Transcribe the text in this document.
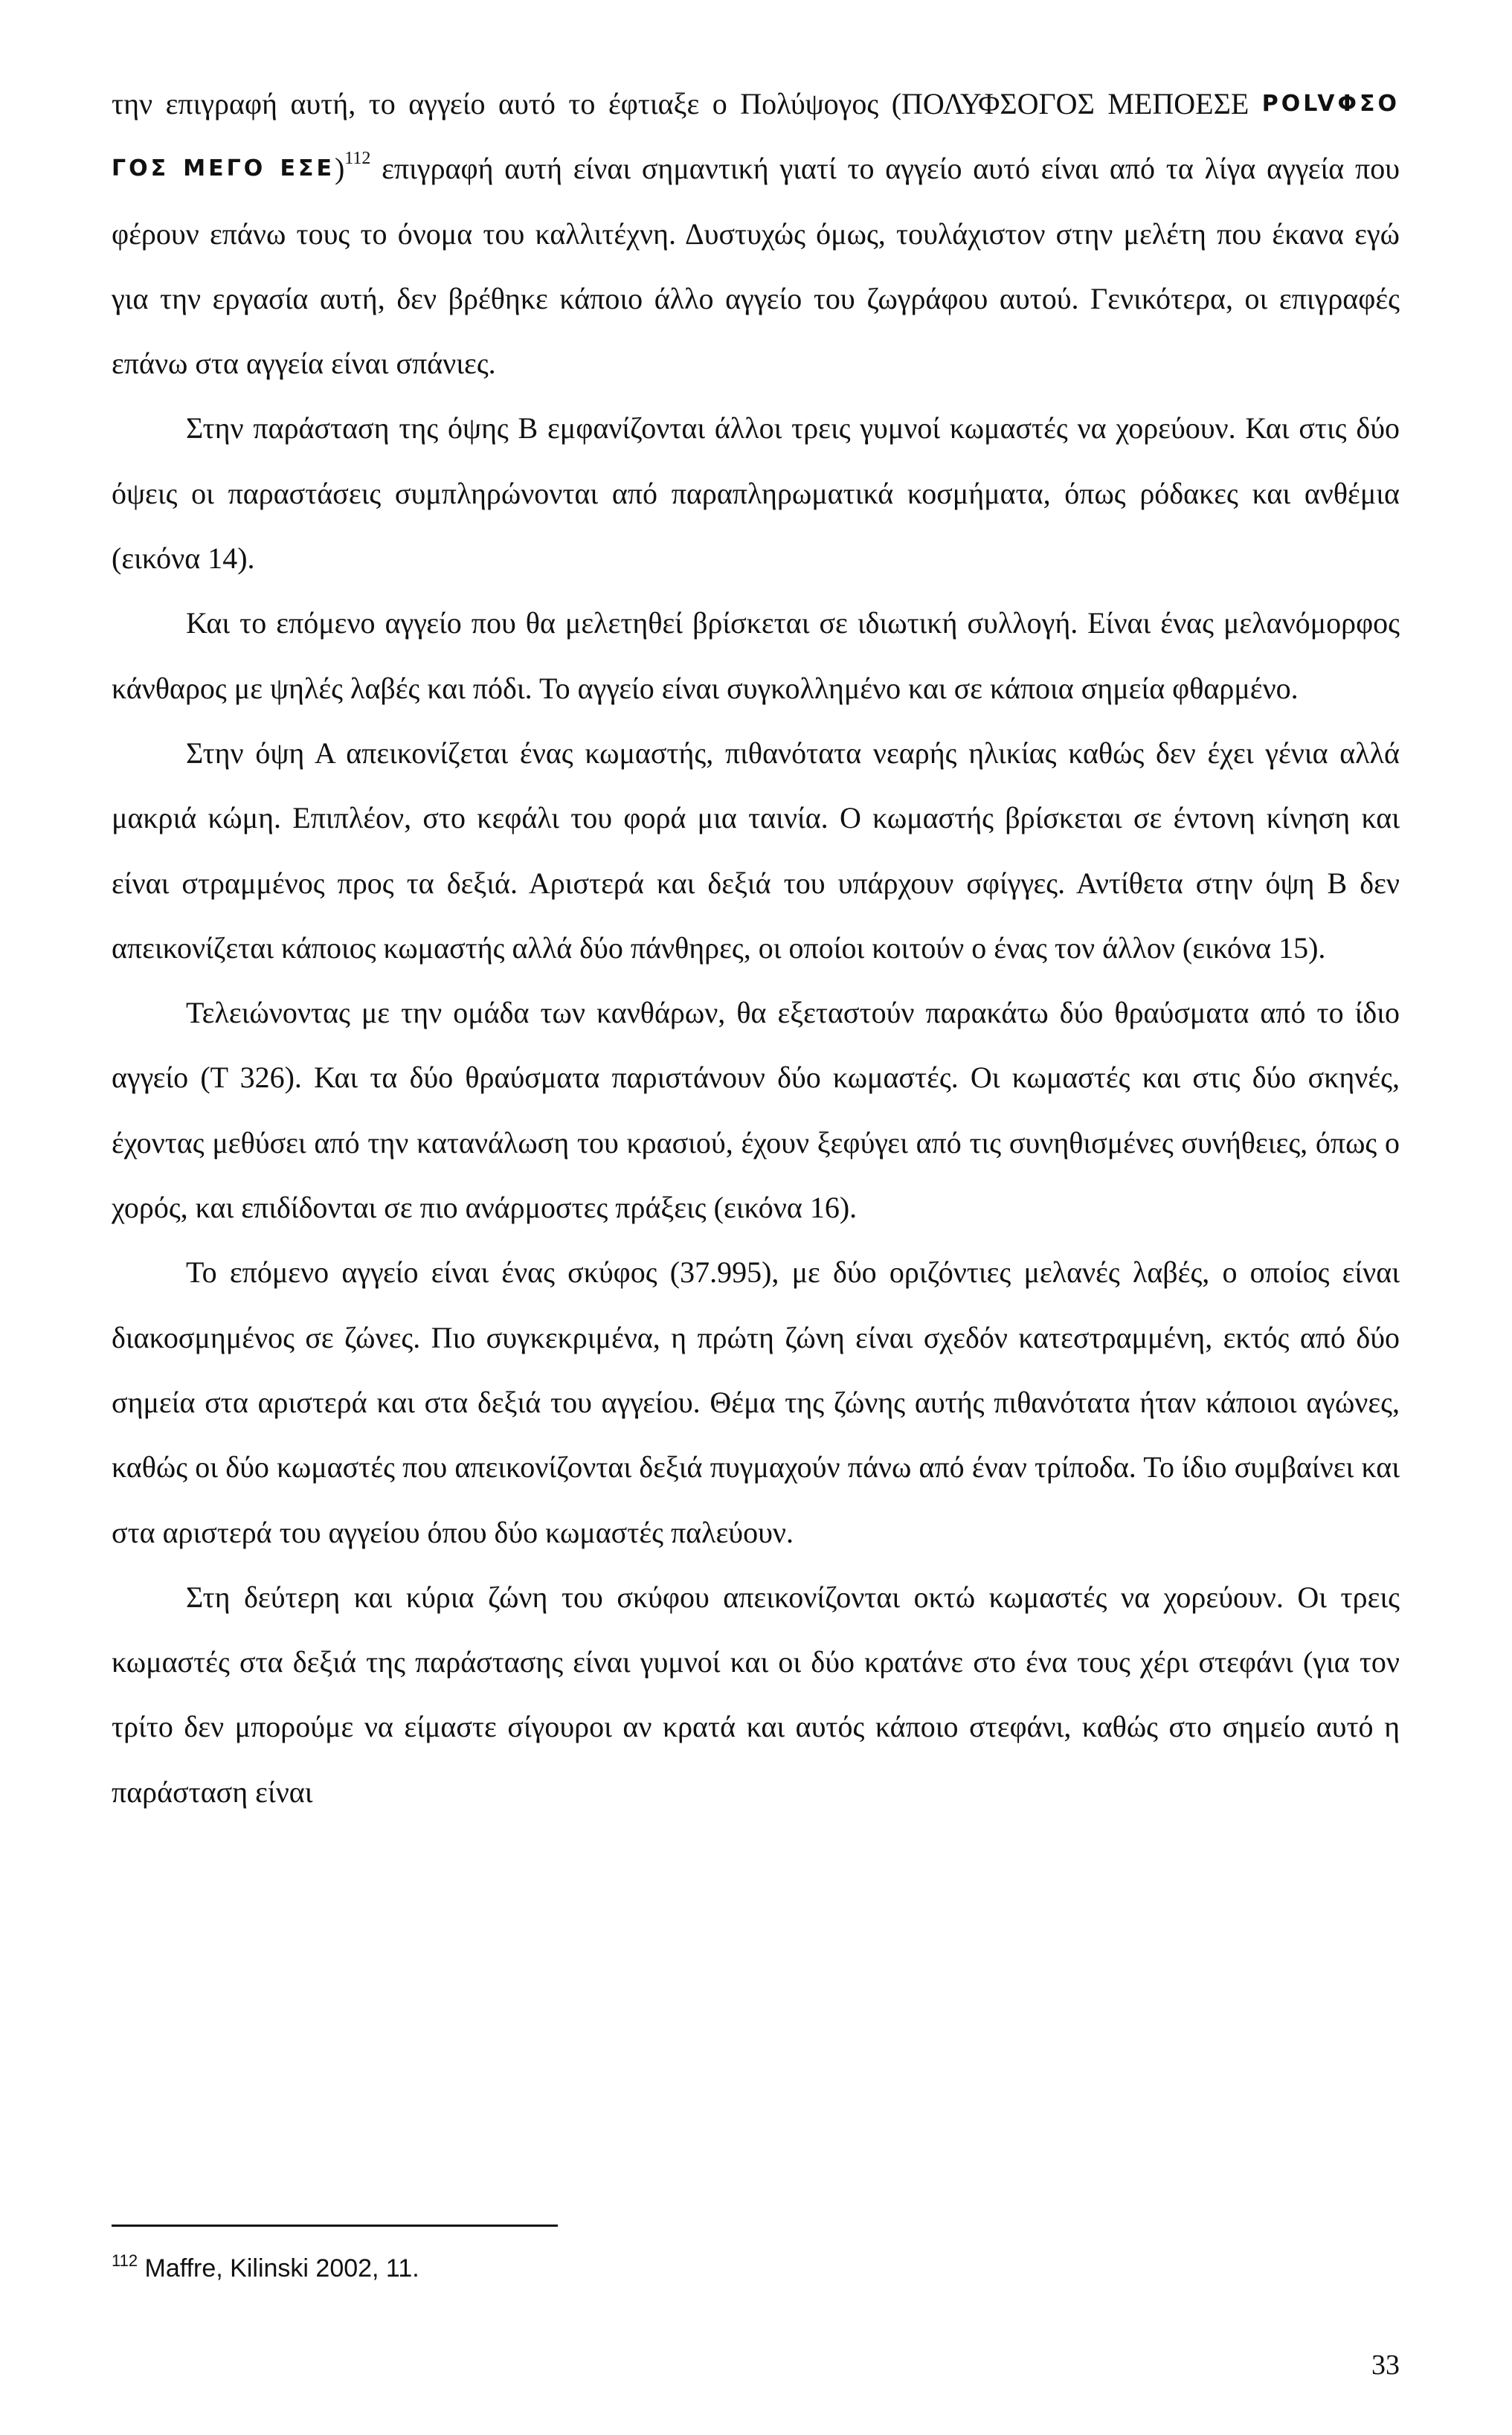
την επιγραφή αυτή, το αγγείο αυτό το έφτιαξε ο Πολύψογος (ΠΟΛΥΦΣΟΓΟΣ ΜΕΠΟΕΣΕ ΡΟLVΦΣΟ ΓΟΣ ΜΕΓΟ ΕΣΕ)$^{112}$ επιγραφή αυτή είναι σημαντική γιατί το αγγείο αυτό είναι από τα λίγα αγγεία που φέρουν επάνω τους το όνομα του καλλιτέχνη. Δυστυχώς όμως, τουλάχιστον στην μελέτη που έκανα εγώ για την εργασία αυτή, δεν βρέθηκε κάποιο άλλο αγγείο του ζωγράφου αυτού. Γενικότερα, οι επιγραφές επάνω στα αγγεία είναι σπάνιες.

Στην παράσταση της όψης Β εμφανίζονται άλλοι τρεις γυμνοί κωμαστές να χορεύουν. Και στις δύο όψεις οι παραστάσεις συμπληρώνονται από παραπληρωματικά κοσμήματα, όπως ρόδακες και ανθέμια (εικόνα 14).

Και το επόμενο αγγείο που θα μελετηθεί βρίσκεται σε ιδιωτική συλλογή. Είναι ένας μελανόμορφος κάνθαρος με ψηλές λαβές και πόδι. Το αγγείο είναι συγκολλημένο και σε κάποια σημεία φθαρμένο.

Στην όψη Α απεικονίζεται ένας κωμαστής, πιθανότατα νεαρής ηλικίας καθώς δεν έχει γένια αλλά μακριά κώμη. Επιπλέον, στο κεφάλι του φορά μια ταινία. Ο κωμαστής βρίσκεται σε έντονη κίνηση και είναι στραμμένος προς τα δεξιά. Αριστερά και δεξιά του υπάρχουν σφίγγες. Αντίθετα στην όψη Β δεν απεικονίζεται κάποιος κωμαστής αλλά δύο πάνθηρες, οι οποίοι κοιτούν ο ένας τον άλλον (εικόνα 15).

Τελειώνοντας με την ομάδα των κανθάρων, θα εξεταστούν παρακάτω δύο θραύσματα από το ίδιο αγγείο (Τ 326). Και τα δύο θραύσματα παριστάνουν δύο κωμαστές. Οι κωμαστές και στις δύο σκηνές, έχοντας μεθύσει από την κατανάλωση του κρασιού, έχουν ξεφύγει από τις συνηθισμένες συνήθειες, όπως ο χορός, και επιδίδονται σε πιο ανάρμοστες πράξεις (εικόνα 16).

Το επόμενο αγγείο είναι ένας σκύφος (37.995), με δύο οριζόντιες μελανές λαβές, ο οποίος είναι διακοσμημένος σε ζώνες. Πιο συγκεκριμένα, η πρώτη ζώνη είναι σχεδόν κατεστραμμένη, εκτός από δύο σημεία στα αριστερά και στα δεξιά του αγγείου. Θέμα της ζώνης αυτής πιθανότατα ήταν κάποιοι αγώνες, καθώς οι δύο κωμαστές που απεικονίζονται δεξιά πυγμαχούν πάνω από έναν τρίποδα. Το ίδιο συμβαίνει και στα αριστερά του αγγείου όπου δύο κωμαστές παλεύουν.

Στη δεύτερη και κύρια ζώνη του σκύφου απεικονίζονται οκτώ κωμαστές να χορεύουν. Οι τρεις κωμαστές στα δεξιά της παράστασης είναι γυμνοί και οι δύο κρατάνε στο ένα τους χέρι στεφάνι (για τον τρίτο δεν μπορούμε να είμαστε σίγουροι αν κρατά και αυτός κάποιο στεφάνι, καθώς στο σημείο αυτό η παράσταση είναι

$^{112}$ Maffre, Kilinski 2002, 11.
33
